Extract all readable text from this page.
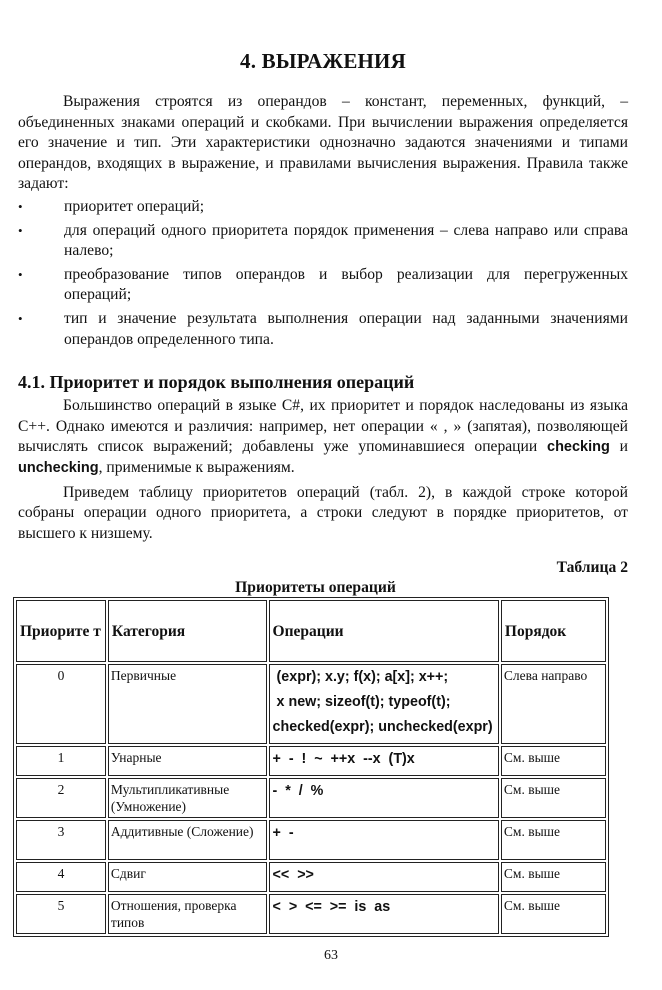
4. ВЫРАЖЕНИЯ

Выражения строятся из операндов – констант, переменных, функций, – объединенных знаками операций и скобками. При вычислении выражения определяется его значение и тип. Эти характеристики однозначно задаются значениями и типами операндов, входящих в выражение, и правилами вычисления выражения. Правила также задают:

•	приоритет операций;
•	для операций одного приоритета порядок применения – слева направо или справа налево;
•	преобразование типов операндов и выбор реализации для перегруженных операций;
•	тип и значение результата выполнения операции над заданными значениями операндов определенного типа.
4.1. Приоритет и порядок выполнения операций

Большинство операций в языке C#, их приоритет и порядок наследованы из языка C++. Однако имеются и различия: например, нет операции « , » (запятая), позволяющей вычислять список выражений; добавлены уже упоминавшиеся операции checking и unchecking, применимые к выражениям.

Приведем таблицу приоритетов операций (табл. 2), в каждой строке которой собраны операции одного приоритета, а строки следуют в порядке приоритетов, от высшего к низшему.

Таблица 2
Приоритеты операций
Приорите т	Категория	Операции	Порядок
0	Первичные	(expr); x.y; f(x); a[x]; x++;
x new; sizeof(t); typeof(t);
checked(expr); unchecked(expr)	Слева направо
1	Унарные	+  -  !  ~  ++x  --x  (T)x	См. выше
2	Мультипликативные (Умножение)	-  *  /  %	См. выше
3	Аддитивные (Сложение)	+  -	См. выше
4	Сдвиг	<<  >>	См. выше
5	Отношения, проверка типов	<  >  <=  >=  is  as	См. выше
63
